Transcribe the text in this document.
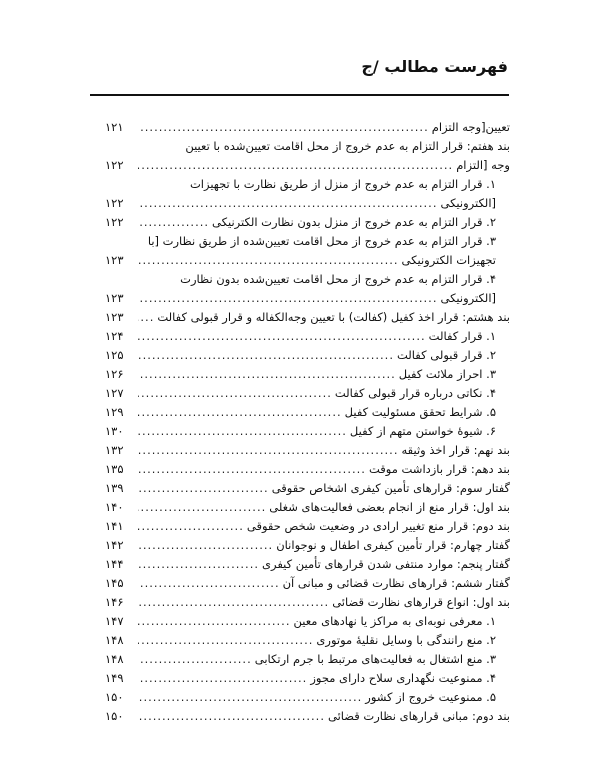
فهرست مطالب /ج
تعیین[وجه التزام
.....
۱۲۱
بند هفتم: قرار التزام به عدم خروج از محل اقامت تعیین‌شده با تعیین
وجه [التزام
.....
۱۲۲
۱. قرار التزام به عدم خروج از منزل از طریق نظارت با تجهیزات
[الکترونیکی
.....
۱۲۲
۲. قرار التزام به عدم خروج از منزل بدون نظارت الکترنیکی
.....
۱۲۲
۳. قرار التزام به عدم خروج از محل اقامت تعیین‌شده از طریق نظارت [با
تجهیزات الکترونیکی
.....
۱۲۳
۴. قرار التزام به عدم خروج از محل اقامت تعیین‌شده بدون نظارت
[الکترونیکی
.....
۱۲۳
بند هشتم: قرار اخذ کفیل (کفالت) با تعیین وجه‌الکفاله و قرار قبولی کفالت
.....
۱۲۳
۱. قرار کفالت
.....
۱۲۴
۲. قرار قبولی کفالت
.....
۱۲۵
۳. احراز ملائت کفیل
.....
۱۲۶
۴. نکاتی درباره قرار قبولی کفالت
.....
۱۲۷
۵. شرایط تحقق مسئولیت کفیل
.....
۱۲۹
۶. شیوهٔ خواستن متهم از کفیل
.....
۱۳۰
بند نهم: قرار اخذ وثیقه
.....
۱۳۲
بند دهم: قرار بازداشت موقت
.....
۱۳۵
گفتار سوم: قرارهای تأمین کیفری اشخاص حقوقی
.....
۱۳۹
بند اول: قرار منع از انجام بعضی فعالیت‌های شغلی
.....
۱۴۰
بند دوم: قرار منع تغییر ارادی در وضعیت شخص حقوقی
.....
۱۴۱
گفتار چهارم: قرار تأمین کیفری اطفال و نوجوانان
.....
۱۴۲
گفتار پنجم: موارد منتفی شدن قرارهای تأمین کیفری
.....
۱۴۴
گفتار ششم: قرارهای نظارت قضائی و مبانی آن
.....
۱۴۵
بند اول: انواع قرارهای نظارت قضائی
.....
۱۴۶
۱. معرفی نوبه‌ای به مراکز یا نهادهای معین
.....
۱۴۷
۲. منع رانندگی با وسایل نقلیهٔ موتوری
.....
۱۴۸
۳. منع اشتغال به فعالیت‌های مرتبط با جرم ارتکابی
.....
۱۴۸
۴. ممنوعیت نگهداری سلاح دارای مجوز
.....
۱۴۹
۵. ممنوعیت خروج از کشور
.....
۱۵۰
بند دوم: مبانی قرارهای نظارت قضائی
.....
۱۵۰
